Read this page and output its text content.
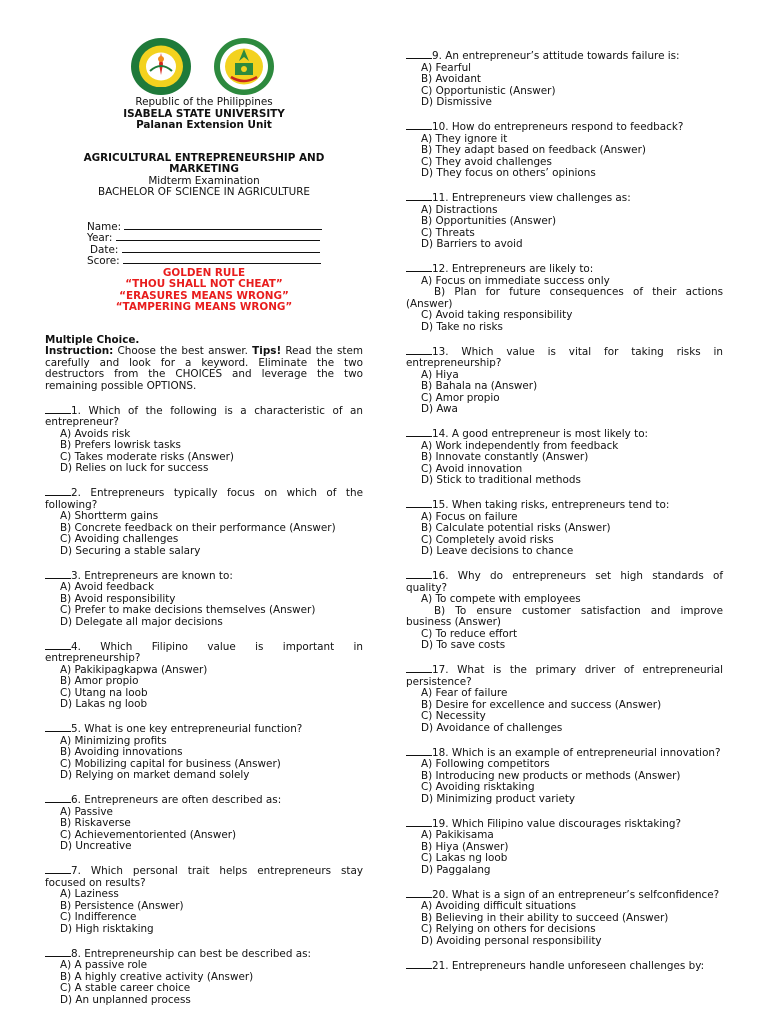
Republic of the Philippines
ISABELA STATE UNIVERSITY
Palanan Extension Unit
AGRICULTURAL ENTREPRENEURSHIP AND MARKETING
Midterm Examination
BACHELOR OF SCIENCE IN AGRICULTURE
Name:
Year:
Date:
Score:
GOLDEN RULE
“THOU SHALL NOT CHEAT”
“ERASURES MEANS WRONG”
“TAMPERING MEANS WRONG”
Multiple Choice.
Instruction: Choose the best answer. Tips! Read the stem carefully and look for a keyword. Eliminate the two destructors from the CHOICES and leverage the two remaining possible OPTIONS.
1. Which of the following is a characteristic of an entrepreneur?
A) Avoids risk
B) Prefers lowrisk tasks
C) Takes moderate risks (Answer)
D) Relies on luck for success
2. Entrepreneurs typically focus on which of the following?
A) Shortterm gains
B) Concrete feedback on their performance (Answer)
C) Avoiding challenges
D) Securing a stable salary
3. Entrepreneurs are known to:
A) Avoid feedback
B) Avoid responsibility
C) Prefer to make decisions themselves (Answer)
D) Delegate all major decisions
4. Which Filipino value is important in entrepreneurship?
A) Pakikipagkapwa (Answer)
B) Amor propio
C) Utang na loob
D) Lakas ng loob
5. What is one key entrepreneurial function?
A) Minimizing profits
B) Avoiding innovations
C) Mobilizing capital for business (Answer)
D) Relying on market demand solely
6. Entrepreneurs are often described as:
A) Passive
B) Riskaverse
C) Achievementoriented (Answer)
D) Uncreative
7. Which personal trait helps entrepreneurs stay focused on results?
A) Laziness
B) Persistence (Answer)
C) Indifference
D) High risktaking
8. Entrepreneurship can best be described as:
A) A passive role
B) A highly creative activity (Answer)
C) A stable career choice
D) An unplanned process
9. An entrepreneur’s attitude towards failure is:
A) Fearful
B) Avoidant
C) Opportunistic (Answer)
D) Dismissive
10. How do entrepreneurs respond to feedback?
A) They ignore it
B) They adapt based on feedback (Answer)
C) They avoid challenges
D) They focus on others’ opinions
11. Entrepreneurs view challenges as:
A) Distractions
B) Opportunities (Answer)
C) Threats
D) Barriers to avoid
12. Entrepreneurs are likely to:
A) Focus on immediate success only
B) Plan for future consequences of their actions (Answer)
C) Avoid taking responsibility
D) Take no risks
13. Which value is vital for taking risks in entrepreneurship?
A) Hiya
B) Bahala na (Answer)
C) Amor propio
D) Awa
14. A good entrepreneur is most likely to:
A) Work independently from feedback
B) Innovate constantly (Answer)
C) Avoid innovation
D) Stick to traditional methods
15. When taking risks, entrepreneurs tend to:
A) Focus on failure
B) Calculate potential risks (Answer)
C) Completely avoid risks
D) Leave decisions to chance
16. Why do entrepreneurs set high standards of quality?
A) To compete with employees
B) To ensure customer satisfaction and improve business (Answer)
C) To reduce effort
D) To save costs
17. What is the primary driver of entrepreneurial persistence?
A) Fear of failure
B) Desire for excellence and success (Answer)
C) Necessity
D) Avoidance of challenges
18. Which is an example of entrepreneurial innovation?
A) Following competitors
B) Introducing new products or methods (Answer)
C) Avoiding risktaking
D) Minimizing product variety
19. Which Filipino value discourages risktaking?
A) Pakikisama
B) Hiya (Answer)
C) Lakas ng loob
D) Paggalang
20. What is a sign of an entrepreneur’s selfconfidence?
A) Avoiding difficult situations
B) Believing in their ability to succeed (Answer)
C) Relying on others for decisions
D) Avoiding personal responsibility
21. Entrepreneurs handle unforeseen challenges by:
